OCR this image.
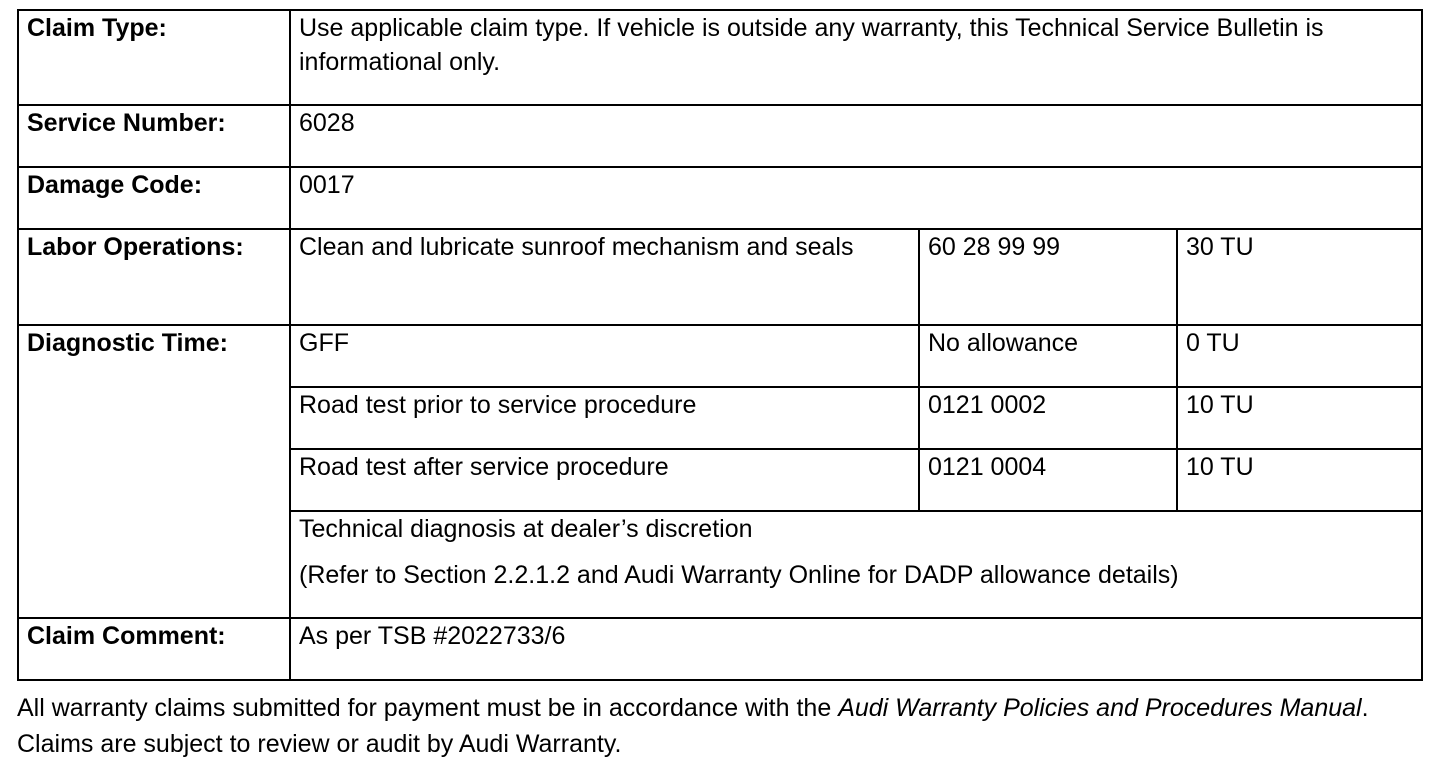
Claim Type:	Use applicable claim type. If vehicle is outside any warranty, this Technical Service Bulletin is informational only.		
Service Number:	6028		
Damage Code:	0017		
Labor Operations:	Clean and lubricate sunroof mechanism and seals	60 28 99 99	30 TU
Diagnostic Time:	GFF	No allowance	0 TU
	Road test prior to service procedure	0121 0002	10 TU
	Road test after service procedure	0121 0004	10 TU

	Technical diagnosis at dealer’s discretion
(Refer to Section 2.2.1.2 and Audi Warranty Online for DADP allowance details)		

Claim Comment:	As per TSB #2022733/6		
All warranty claims submitted for payment must be in accordance with the Audi Warranty Policies and Procedures Manual. Claims are subject to review or audit by Audi Warranty.
